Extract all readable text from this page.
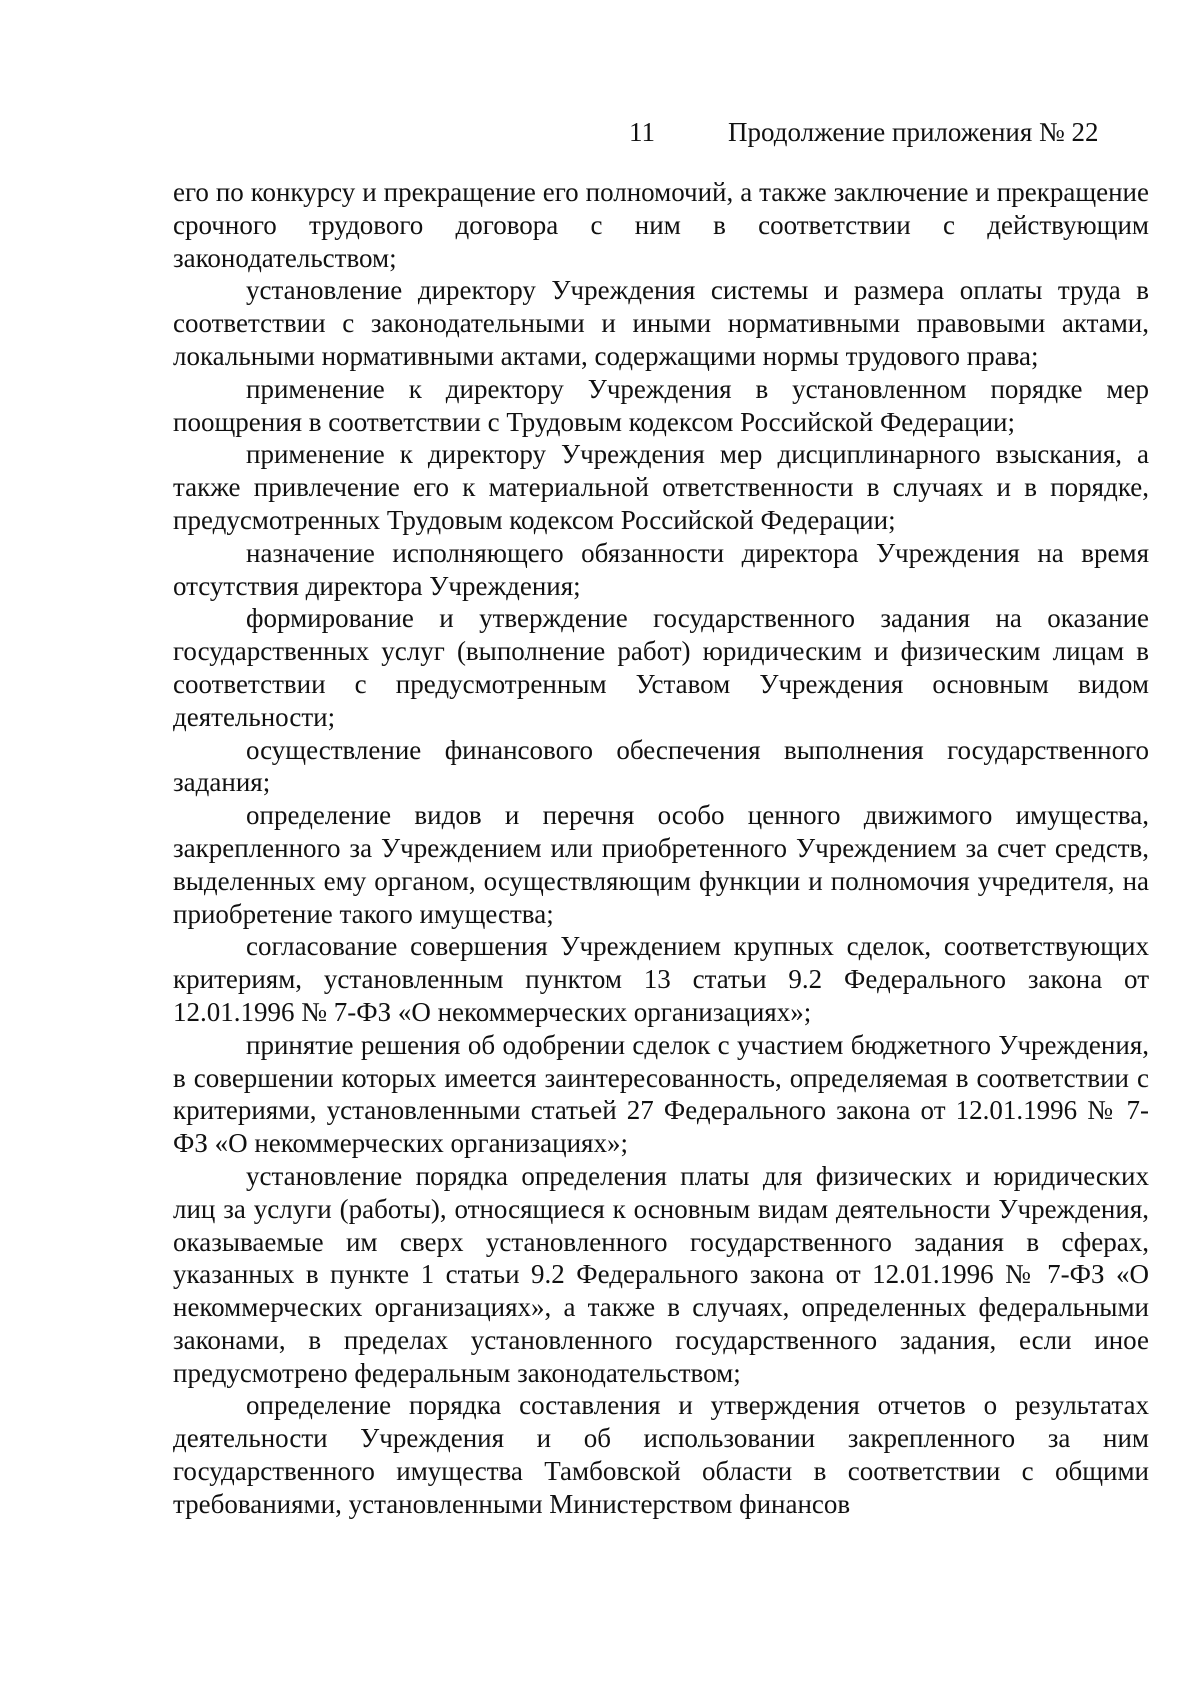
11	Продолжение приложения № 22

его по конкурсу и прекращение его полномочий, а также заключение и прекращение срочного трудового договора с ним в соответствии с действующим законодательством;

установление директору Учреждения системы и размера оплаты труда в соответствии с законодательными и иными нормативными правовыми актами, локальными нормативными актами, содержащими нормы трудового права;

применение к директору Учреждения в установленном порядке мер поощрения в соответствии с Трудовым кодексом Российской Федерации;

применение к директору Учреждения мер дисциплинарного взыскания, а также привлечение его к материальной ответственности в случаях и в порядке, предусмотренных Трудовым кодексом Российской Федерации;

назначение исполняющего обязанности директора Учреждения на время отсутствия директора Учреждения;

формирование и утверждение государственного задания на оказание государственных услуг (выполнение работ) юридическим и физическим лицам в соответствии с предусмотренным Уставом Учреждения основным видом деятельности;

осуществление финансового обеспечения выполнения государственного задания;

определение видов и перечня особо ценного движимого имущества, закрепленного за Учреждением или приобретенного Учреждением за счет средств, выделенных ему органом, осуществляющим функции и полномочия учредителя, на приобретение такого имущества;

согласование совершения Учреждением крупных сделок, соответствующих критериям, установленным пунктом 13 статьи 9.2 Федерального закона от 12.01.1996 № 7-ФЗ «О некоммерческих организациях»;

принятие решения об одобрении сделок с участием бюджетного Учреждения, в совершении которых имеется заинтересованность, определяемая в соответствии с критериями, установленными статьей 27 Федерального закона от 12.01.1996 № 7-ФЗ «О некоммерческих организациях»;

установление порядка определения платы для физических и юридических лиц за услуги (работы), относящиеся к основным видам деятельности Учреждения, оказываемые им сверх установленного государственного задания в сферах, указанных в пункте 1 статьи 9.2 Федерального закона от 12.01.1996 № 7-ФЗ «О некоммерческих организациях», а также в случаях, определенных федеральными законами, в пределах установленного государственного задания, если иное предусмотрено федеральным законодательством;

определение порядка составления и утверждения отчетов о результатах деятельности Учреждения и об использовании закрепленного за ним государственного имущества Тамбовской области в соответствии с общими требованиями, установленными Министерством финансов
